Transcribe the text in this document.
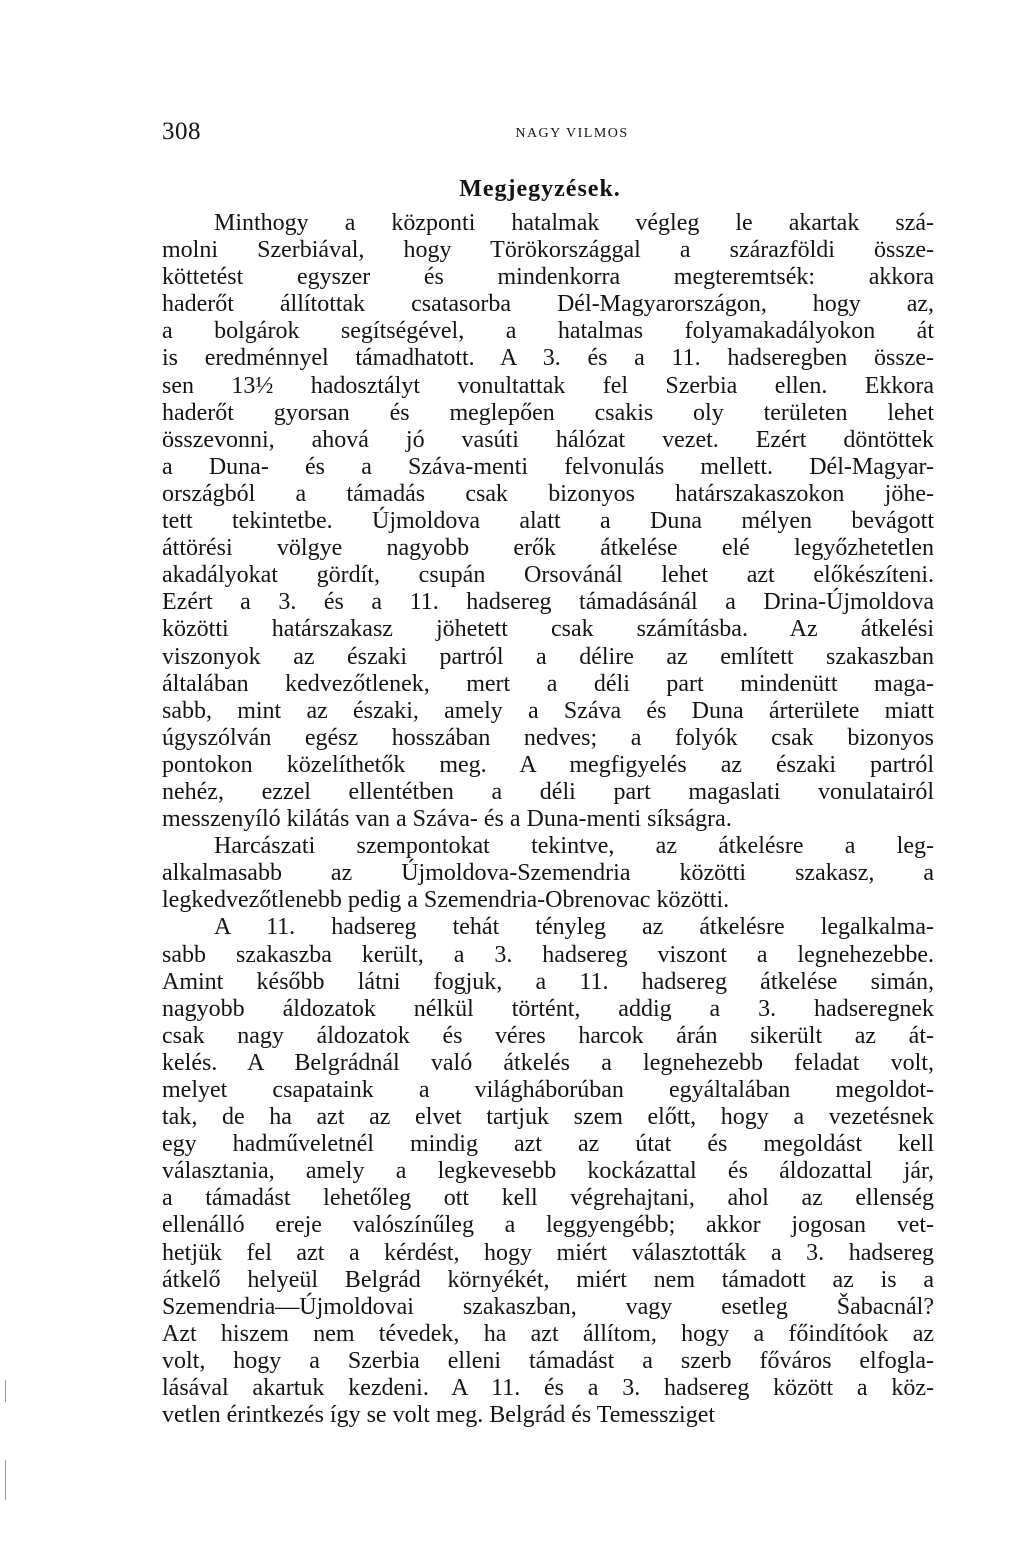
308	NAGY VILMOS
Megjegyzések.
Minthogy a központi hatalmak végleg le akartak szá-
molni Szerbiával, hogy Törökországgal a szárazföldi össze-
köttetést egyszer és mindenkorra megteremtsék: akkora
haderőt állítottak csatasorba Dél-Magyarországon, hogy az,
a bolgárok segítségével, a hatalmas folyamakadályokon át
is eredménnyel támadhatott. A 3. és a 11. hadseregben össze-
sen 13½ hadosztályt vonultattak fel Szerbia ellen. Ekkora
haderőt gyorsan és meglepően csakis oly területen lehet
összevonni, ahová jó vasúti hálózat vezet. Ezért döntöttek
a Duna- és a Száva-menti felvonulás mellett. Dél-Magyar-
országból a támadás csak bizonyos határszakaszokon jöhe-
tett tekintetbe. Újmoldova alatt a Duna mélyen bevágott
áttörési völgye nagyobb erők átkelése elé legyőzhetetlen
akadályokat gördít, csupán Orsovánál lehet azt előkészíteni.
Ezért a 3. és a 11. hadsereg támadásánál a Drina-Újmoldova
közötti határszakasz jöhetett csak számításba. Az átkelési
viszonyok az északi partról a délire az említett szakaszban
általában kedvezőtlenek, mert a déli part mindenütt maga-
sabb, mint az északi, amely a Száva és Duna árterülete miatt
úgyszólván egész hosszában nedves; a folyók csak bizonyos
pontokon közelíthetők meg. A megfigyelés az északi partról
nehéz, ezzel ellentétben a déli part magaslati vonulatairól
messzenyíló kilátás van a Száva- és a Duna-menti síkságra.
Harcászati szempontokat tekintve, az átkelésre a leg-
alkalmasabb az Újmoldova-Szemendria közötti szakasz, a
legkedvezőtlenebb pedig a Szemendria-Obrenovac közötti.
A 11. hadsereg tehát tényleg az átkelésre legalkalma-
sabb szakaszba került, a 3. hadsereg viszont a legnehezebbe.
Amint később látni fogjuk, a 11. hadsereg átkelése simán,
nagyobb áldozatok nélkül történt, addig a 3. hadseregnek
csak nagy áldozatok és véres harcok árán sikerült az át-
kelés. A Belgrádnál való átkelés a legnehezebb feladat volt,
melyet csapataink a világháborúban egyáltalában megoldot-
tak, de ha azt az elvet tartjuk szem előtt, hogy a vezetésnek
egy hadműveletnél mindig azt az útat és megoldást kell
választania, amely a legkevesebb kockázattal és áldozattal jár,
a támadást lehetőleg ott kell végrehajtani, ahol az ellenség
ellenálló ereje valószínűleg a leggyengébb; akkor jogosan vet-
hetjük fel azt a kérdést, hogy miért választották a 3. hadsereg
átkelő helyeül Belgrád környékét, miért nem támadott az is a
Szemendria—Újmoldovai szakaszban, vagy esetleg Šabacnál?
Azt hiszem nem tévedek, ha azt állítom, hogy a főindítóok az
volt, hogy a Szerbia elleni támadást a szerb főváros elfogla-
lásával akartuk kezdeni. A 11. és a 3. hadsereg között a köz-
vetlen érintkezés így se volt meg. Belgrád és Temessziget
